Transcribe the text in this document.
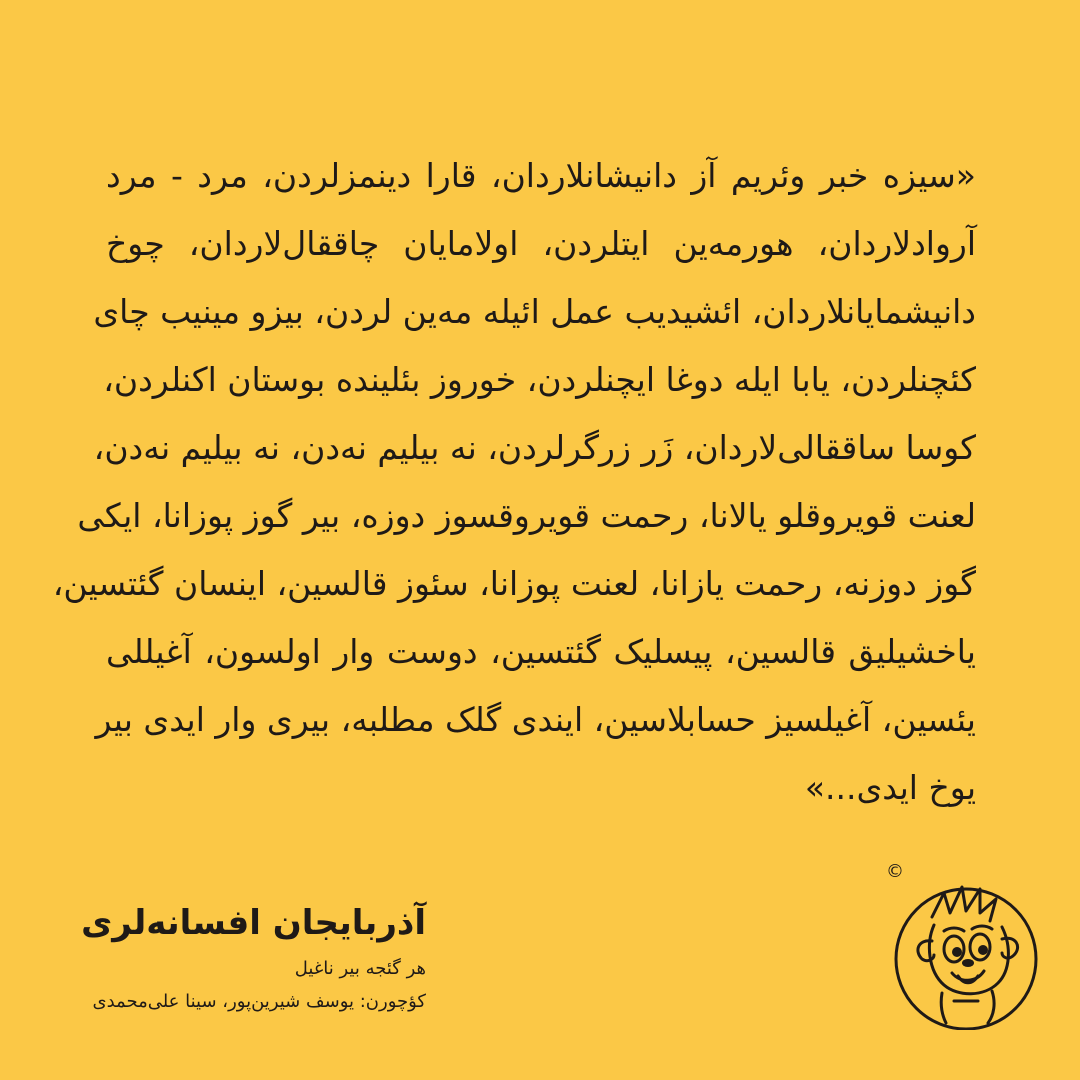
«سیزه خبر وئریم آز دانیشانلاردان، قارا دینمزلردن، مرد - مرد
آروادلاردان، هورمه‌ین ایتلردن، اولامایان چاققال‌لاردان، چوخ
دانیشمایانلاردان، ائشیدیب عمل ائیله مه‌ین لردن، بیزو مینیب چای
کئچنلردن، یابا ایله دوغا ایچنلردن، خوروز بئلینده بوستان اکنلردن،
کوسا ساققالی‌لاردان، زَر زرگرلردن، نه بیلیم نه‌دن، نه بیلیم نه‌دن،
لعنت قویروقلو یالانا، رحمت قویروقسوز دوزه، بیر گوز پوزانا، ایکی
گوز دوزنه، رحمت یازانا، لعنت پوزانا، سئوز قالسین، اینسان گئتسین،
یاخشیلیق قالسین، پیسلیک گئتسین، دوست وار اولسون، آغیللی
یئسین، آغیلسیز حسابلاسین، ایندی گلک مطلبه، بیری وار ایدی بیر
یوخ ایدی...»
آذربایجان افسانه‌لری
هر گئجه بیر ناغیل
کؤچورن: یوسف شیرین‌پور، سینا علی‌محمدی
©
